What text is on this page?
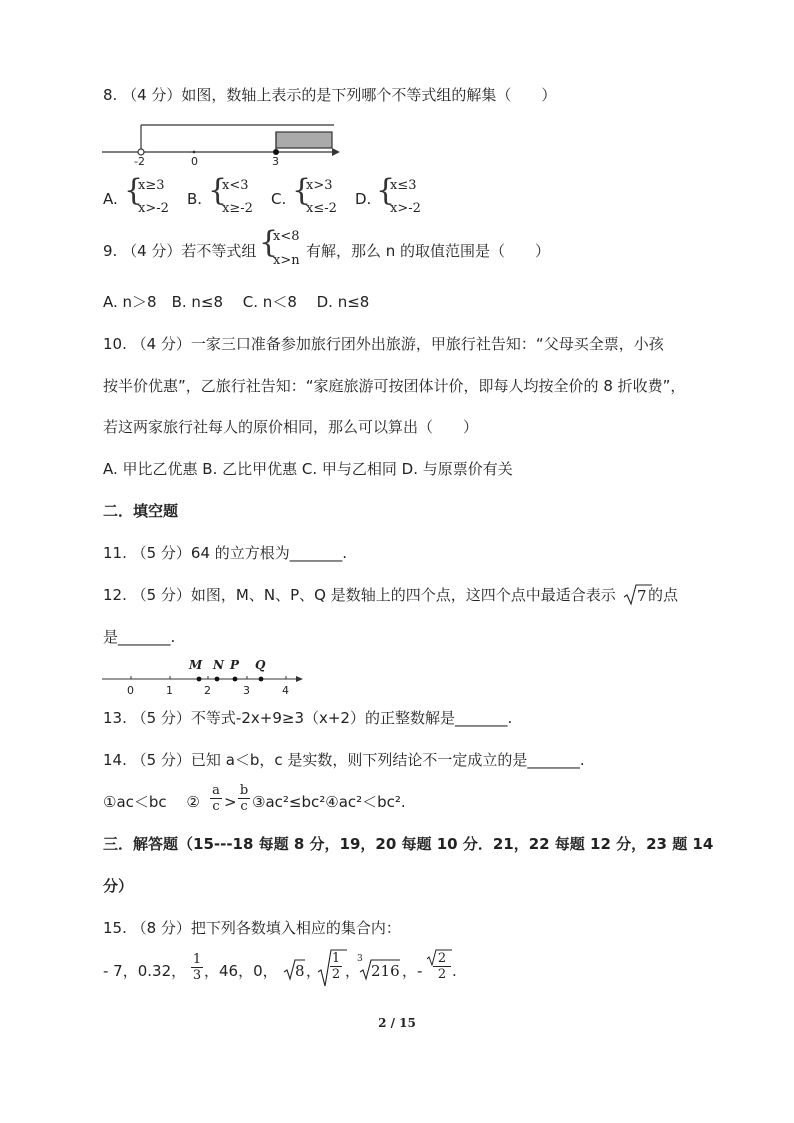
8. （4 分）如图，数轴上表示的是下列哪个不等式组的解集（　　）
-2	0	3
A. {
x≥3
x>-2
B. {
x<3
x≥-2
C. {
x>3
x≤-2
D. {
x≤3
x>-2
9. （4 分）若不等式组 {
x<8
x>n
有解，那么 n 的取值范围是（　　）
A. n＞8　B. n≤8　 C. n＜8　 D. n≤8
10. （4 分）一家三口准备参加旅行团外出旅游，甲旅行社告知：“父母买全票，小孩
按半价优惠”，乙旅行社告知：“家庭旅游可按团体计价，即每人均按全价的 8 折收费”，
若这两家旅行社每人的原价相同，那么可以算出（　　）
A. 甲比乙优惠 B. 乙比甲优惠 C. 甲与乙相同 D. 与原票价有关
二．填空题
11. （5 分）64 的立方根为_______.
12. （5 分）如图，M、N、P、Q 是数轴上的四个点，这四个点中最适合表示 7 的点
是_______.
0	1	2	3	4
M N P Q
13. （5 分）不等式-2x+9≥3（x+2）的正整数解是_______.
14. （5 分）已知 a＜b，c 是实数，则下列结论不一定成立的是_______.
①ac＜bc　 ② $\frac{a}{c} > \frac{b}{c}$ ③ac²≤bc²④ac²＜bc².
三．解答题（15---18 每题 8 分，19，20 每题 10 分．21，22 每题 12 分，23 题 14
分）
15. （8 分）把下列各数填入相应的集合内：
- 7，0.32， $\frac{1}{3}$ ，46，0， 8 ， $\frac{1}{2}$ ，
3
216 ，- $\frac{2}{2}$ .
2 / 15
